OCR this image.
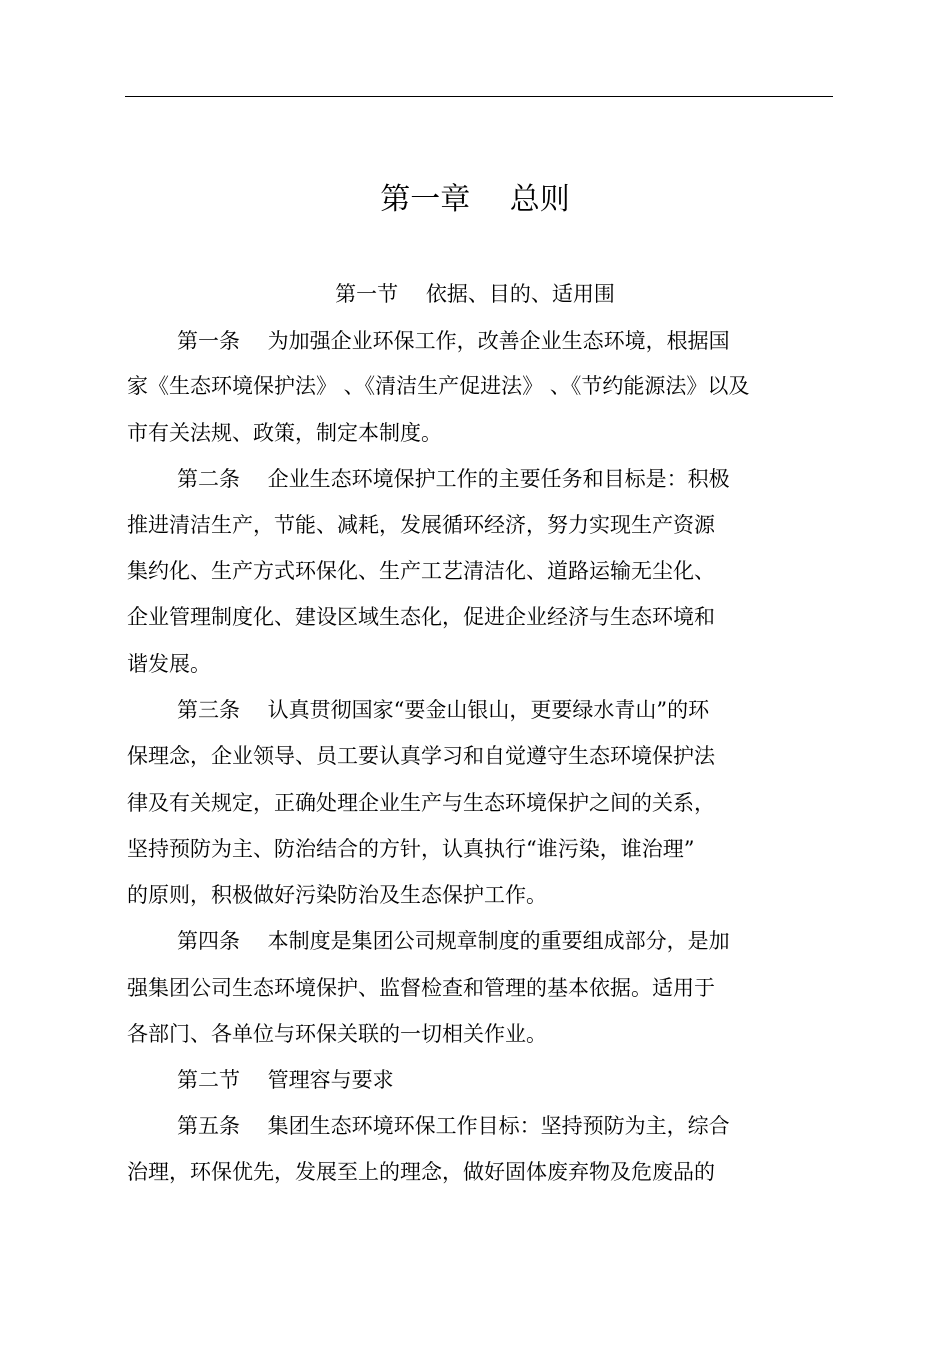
第一章　 总则
第一节　 依据、目的、适用围
第一条　 为加强企业环保工作，改善企业生态环境，根据国
家《生态环境保护法》 、《清洁生产促进法》 、《节约能源法》以及
市有关法规、政策，制定本制度。
第二条　 企业生态环境保护工作的主要任务和目标是：积极
推进清洁生产，节能、减耗，发展循环经济，努力实现生产资源
集约化、生产方式环保化、生产工艺清洁化、道路运输无尘化、
企业管理制度化、建设区域生态化，促进企业经济与生态环境和
谐发展。
第三条　 认真贯彻国家“要金山银山，更要绿水青山”的环
保理念，企业领导、员工要认真学习和自觉遵守生态环境保护法
律及有关规定，正确处理企业生产与生态环境保护之间的关系，
坚持预防为主、防治结合的方针，认真执行“谁污染，谁治理”
的原则，积极做好污染防治及生态保护工作。
第四条　 本制度是集团公司规章制度的重要组成部分，是加
强集团公司生态环境保护、监督检查和管理的基本依据。适用于
各部门、各单位与环保关联的一切相关作业。
第二节　 管理容与要求
第五条　 集团生态环境环保工作目标：坚持预防为主，综合
治理，环保优先，发展至上的理念，做好固体废弃物及危废品的
